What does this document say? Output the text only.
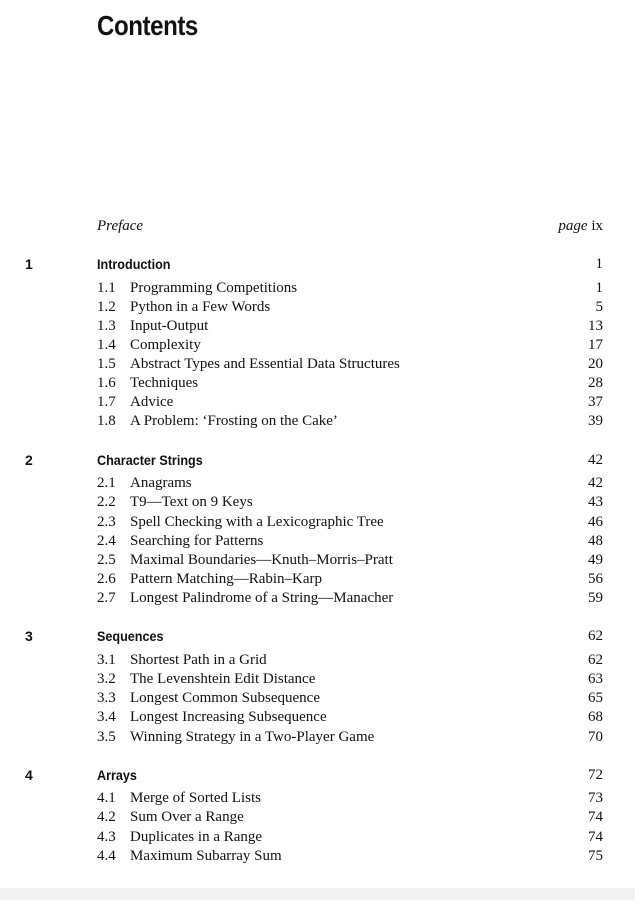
Contents
Preface	page ix
1	Introduction	1
1.1 Programming Competitions	1
1.2 Python in a Few Words	5
1.3 Input-Output	13
1.4 Complexity	17
1.5 Abstract Types and Essential Data Structures	20
1.6 Techniques	28
1.7 Advice	37
1.8 A Problem: ‘Frosting on the Cake’	39
2	Character Strings	42
2.1 Anagrams	42
2.2 T9—Text on 9 Keys	43
2.3 Spell Checking with a Lexicographic Tree	46
2.4 Searching for Patterns	48
2.5 Maximal Boundaries—Knuth–Morris–Pratt	49
2.6 Pattern Matching—Rabin–Karp	56
2.7 Longest Palindrome of a String—Manacher	59
3	Sequences	62
3.1 Shortest Path in a Grid	62
3.2 The Levenshtein Edit Distance	63
3.3 Longest Common Subsequence	65
3.4 Longest Increasing Subsequence	68
3.5 Winning Strategy in a Two-Player Game	70
4	Arrays	72
4.1 Merge of Sorted Lists	73
4.2 Sum Over a Range	74
4.3 Duplicates in a Range	74
4.4 Maximum Subarray Sum	75
